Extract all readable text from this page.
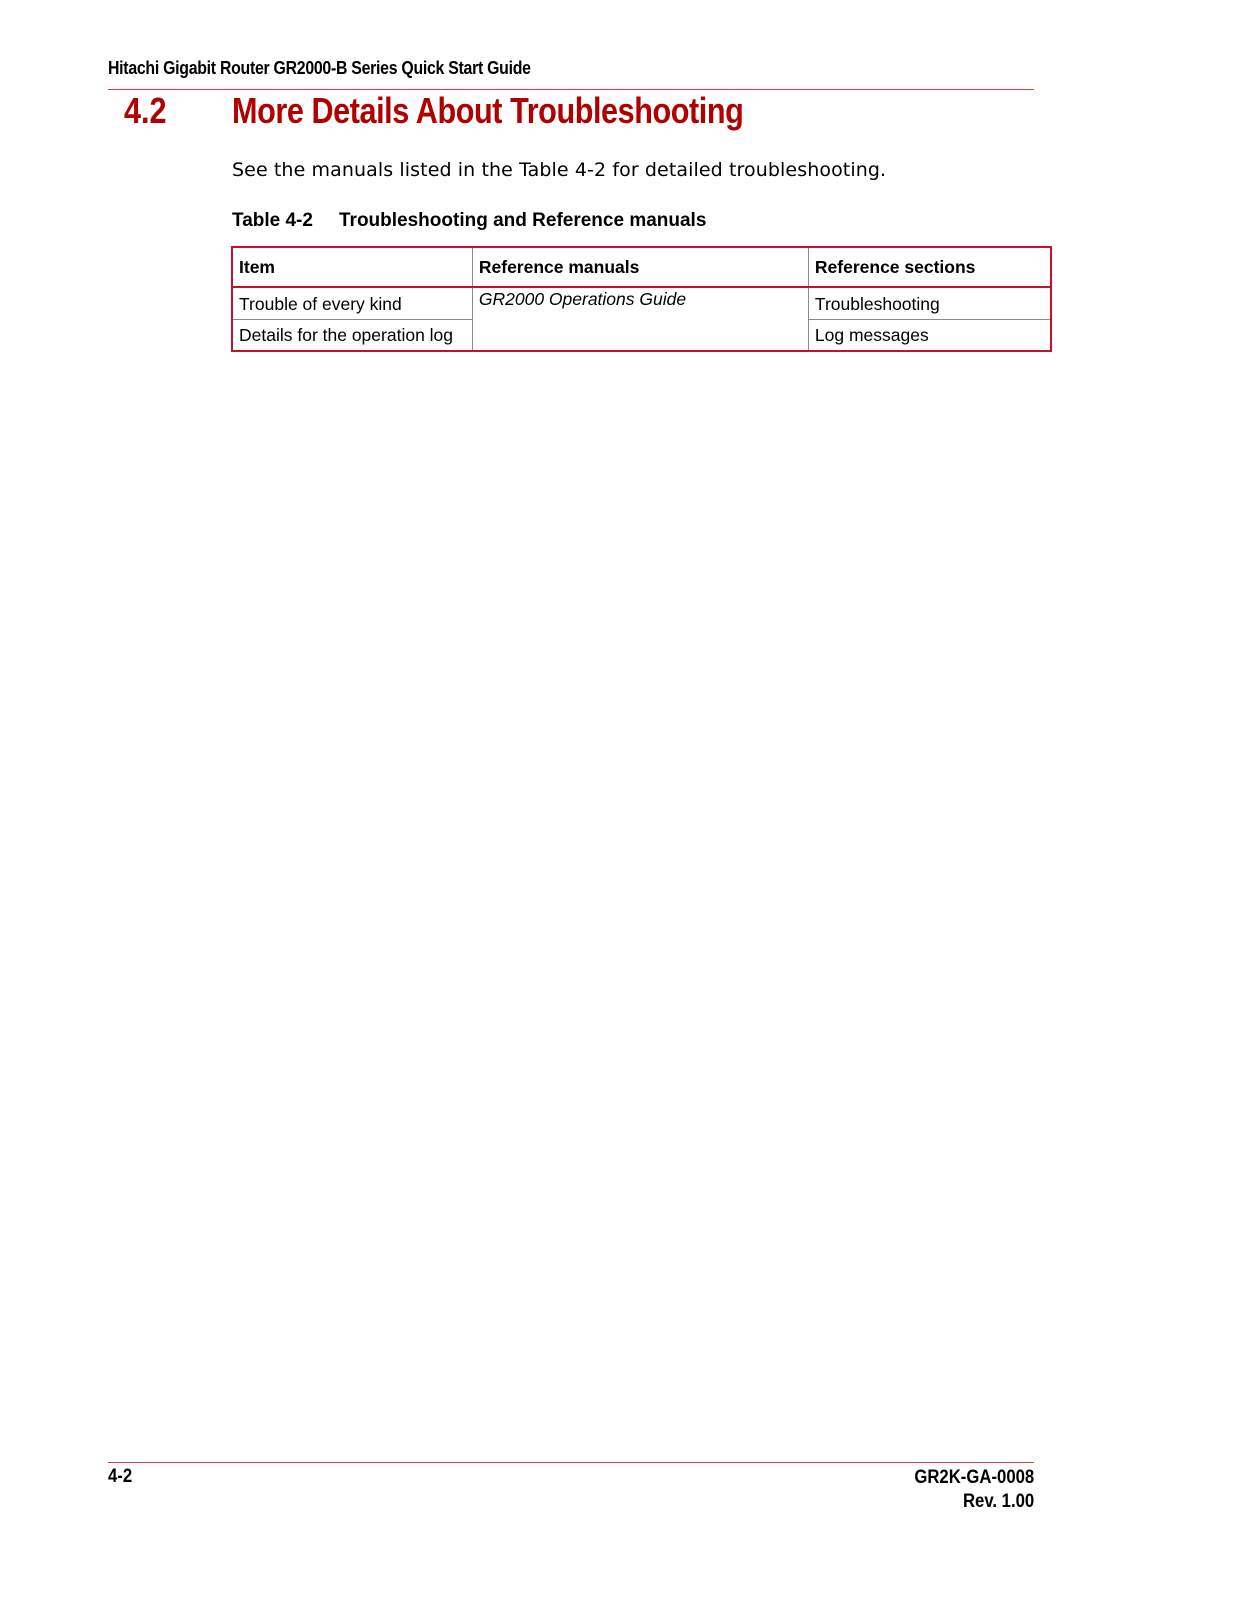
Hitachi Gigabit Router GR2000-B Series Quick Start Guide
4.2 More Details About Troubleshooting
See the manuals listed in the Table 4-2 for detailed troubleshooting.
Table 4-2 Troubleshooting and Reference manuals
Item	Reference manuals	Reference sections
Trouble of every kind	GR2000 Operations Guide	Troubleshooting
Details for the operation log		Log messages
4-2	GR2K-GA-0008
Rev. 1.00
